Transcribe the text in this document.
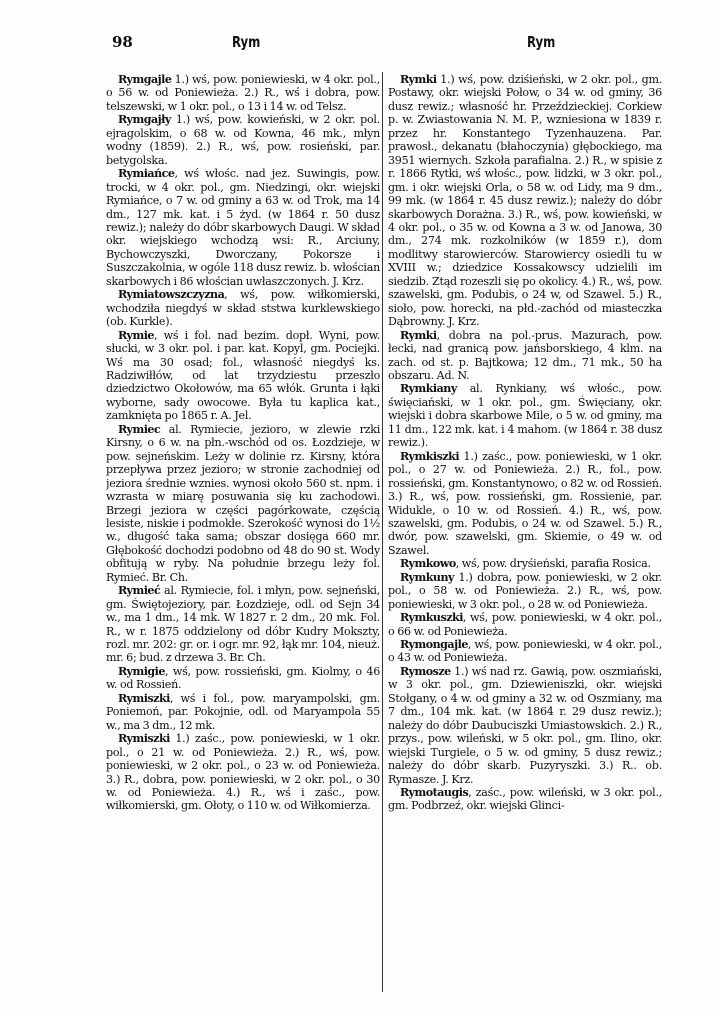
98	Rym	Rym

Rymgajle 1.) wś, pow. poniewieski, w 4 okr. pol., o 56 w. od Poniewieża. 2.) R., wś i dobra, pow. telszewski, w 1 okr. pol., o 13 i 14 w. od Telsz.

Rymgajły 1.) wś, pow. kowieński, w 2 okr. pol. ejragolskim, o 68 w. od Kowna, 46 mk., młyn wodny (1859). 2.) R., wś, pow. rosieński, par. betygolska.

Rymiańce, wś włośc. nad jez. Suwingis, pow. trocki, w 4 okr. pol., gm. Niedzingi, okr. wiejski Rymiańce, o 7 w. od gminy a 63 w. od Trok, ma 14 dm., 127 mk. kat. i 5 żyd. (w 1864 r. 50 dusz rewiz.); należy do dóbr skarbowych Daugi. W skład okr. wiejskiego wchodzą wsi: R., Arciuny, Bychowczyszki, Dworczany, Pokorsze i Suszczakolnia, w ogóle 118 dusz rewiz. b. włościan skarbowych i 86 włościan uwłaszczonych. J. Krz.

Rymiatowszczyzna, wś, pow. wiłkomierski, wchodziła niegdyś w skład ststwa kurklewskiego (ob. Kurkle).

Rymie, wś i fol. nad bezim. dopł. Wyni, pow. słucki, w 3 okr. pol. i par. kat. Kopyl, gm. Pociejki. Wś ma 30 osad; fol., własność niegdyś ks. Radziwiłłów, od lat trzydziestu przeszło dziedzictwo Okołowów, ma 65 włók. Grunta i łąki wyborne, sady owocowe. Była tu kaplica kat., zamknięta po 1865 r. A. Jel.

Rymiec al. Rymiecie, jezioro, w zlewie rzki Kirsny, o 6 w. na płn.-wschód od os. Łozdzieje, w pow. sejneńskim. Leży w dolinie rz. Kirsny, która przepływa przez jezioro; w stronie zachodniej od jeziora średnie wznies. wynosi około 560 st. npm. i wzrasta w miarę posuwania się ku zachodowi. Brzegi jeziora w części pagórkowate, częścią lesiste, niskie i podmokłe. Szerokość wynosi do 1½ w., długość taka sama; obszar dosięga 660 mr. Głębokość dochodzi podobno od 48 do 90 st. Wody obfitują w ryby. Na południe brzegu leży fol. Rymieć. Br. Ch.

Rymieć al. Rymiecie, fol. i młyn, pow. sejneński, gm. Świętojeziory, par. Łozdzieje, odl. od Sejn 34 w., ma 1 dm., 14 mk. W 1827 r. 2 dm., 20 mk. Fol. R., w r. 1875 oddzielony od dóbr Kudry Mokszty, rozl. mr. 202: gr. or. i ogr. mr. 92, łąk mr. 104, nieuż. mr. 6; bud. z drzewa 3. Br. Ch.

Rymigie, wś, pow. rossieński, gm. Kiolmy, o 46 w. od Rossień.

Rymiszki, wś i fol., pow. maryampolski, gm. Poniemoń, par. Pokojnie, odl. od Maryampola 55 w., ma 3 dm., 12 mk.

Rymiszki 1.) zaśc., pow. poniewieski, w 1 okr. pol., o 21 w. od Poniewieża. 2.) R., wś, pow. poniewieski, w 2 okr. pol., o 23 w. od Poniewieża. 3.) R., dobra, pow. poniewieski, w 2 okr. pol., o 30 w. od Poniewieża. 4.) R., wś i zaśc., pow. wiłkomierski, gm. Ołoty, o 110 w. od Wiłkomierza.

Rymki 1.) wś, pow. dziśieński, w 2 okr. pol., gm. Postawy, okr. wiejski Połow, o 34 w. od gminy, 36 dusz rewiz.; własność hr. Przeździeckiej. Corkiew p. w. Zwiastowania N. M. P., wzniesiona w 1839 r. przez hr. Konstantego Tyzenhauzena. Par. prawosł., dekanatu (błahoczynia) głębockiego, ma 3951 wiernych. Szkoła parafialna. 2.) R., w spisie z r. 1866 Rytki, wś włośc., pow. lidzki, w 3 okr. pol., gm. i okr. wiejski Orla, o 58 w. od Lidy, ma 9 dm., 99 mk. (w 1864 r. 45 dusz rewiz.); należy do dóbr skarbowych Dorażna. 3.) R., wś, pow. kowieński, w 4 okr. pol., o 35 w. od Kowna a 3 w. od Janowa, 30 dm., 274 mk. rozkolników (w 1859 r.), dom modlitwy starowierców. Starowiercy osiedli tu w XVIII w.; dziedzice Kossakowscy udzielili im siedzib. Ztąd rozeszli się po okolicy. 4.) R., wś, pow. szawelski, gm. Podubis, o 24 w, od Szawel. 5.) R., sioło, pow. horecki, na płd.-zachód od miasteczka Dąbrowny. J. Krz.

Rymki, dobra na pol.-prus. Mazurach, pow. łecki, nad granicą pow. jańsborskiego, 4 klm. na zach. od st. p. Bajtkowa; 12 dm., 71 mk., 50 ha obszaru. Ad. N.

Rymkiany al. Rynkiany, wś włośc., pow. święciański, w 1 okr. pol., gm. Święciany, okr. wiejski i dobra skarbowe Mile, o 5 w. od gminy, ma 11 dm., 122 mk. kat. i 4 mahom. (w 1864 r. 38 dusz rewiz.).

Rymkiszki 1.) zaśc., pow. poniewieski, w 1 okr. pol., o 27 w. od Poniewieża. 2.) R., fol., pow. rossieński, gm. Konstantynowo, o 82 w. od Rossień. 3.) R., wś, pow. rossieński, gm. Rossienie, par. Widukle, o 10 w. od Rossień. 4.) R., wś, pow. szawelski, gm. Podubis, o 24 w. od Szawel. 5.) R., dwór, pow. szawelski, gm. Skiemie, o 49 w. od Szawel.

Rymkowo, wś, pow. dryśieński, parafia Rosica.

Rymkuny 1.) dobra, pow. poniewieski, w 2 okr. pol., o 58 w. od Poniewieża. 2.) R., wś, pow. poniewieski, w 3 okr. pol., o 28 w. od Poniewieża.

Rymkuszki, wś, pow. poniewieski, w 4 okr. pol., o 66 w. od Poniewieża.

Rymongajle, wś, pow. poniewieski, w 4 okr. pol., o 43 w. od Poniewieża.

Rymosze 1.) wś nad rz. Gawią, pow. oszmiański, w 3 okr. pol., gm. Dziewieniszki, okr. wiejski Stołgany, o 4 w. od gminy a 32 w. od Oszmiany, ma 7 dm., 104 mk. kat. (w 1864 r. 29 dusz rewiz.); należy do dóbr Daubuciszki Umiastowskich. 2.) R., przys., pow. wileński, w 5 okr. pol., gm. Ilino, okr. wiejski Turgiele, o 5 w. od gminy, 5 dusz rewiz.; należy do dóbr skarb. Puzyryszki. 3.) R.. ob. Rymasze. J. Krz.

Rymotaugis, zaśc., pow. wileński, w 3 okr. pol., gm. Podbrzeź, okr. wiejski Glinci-
